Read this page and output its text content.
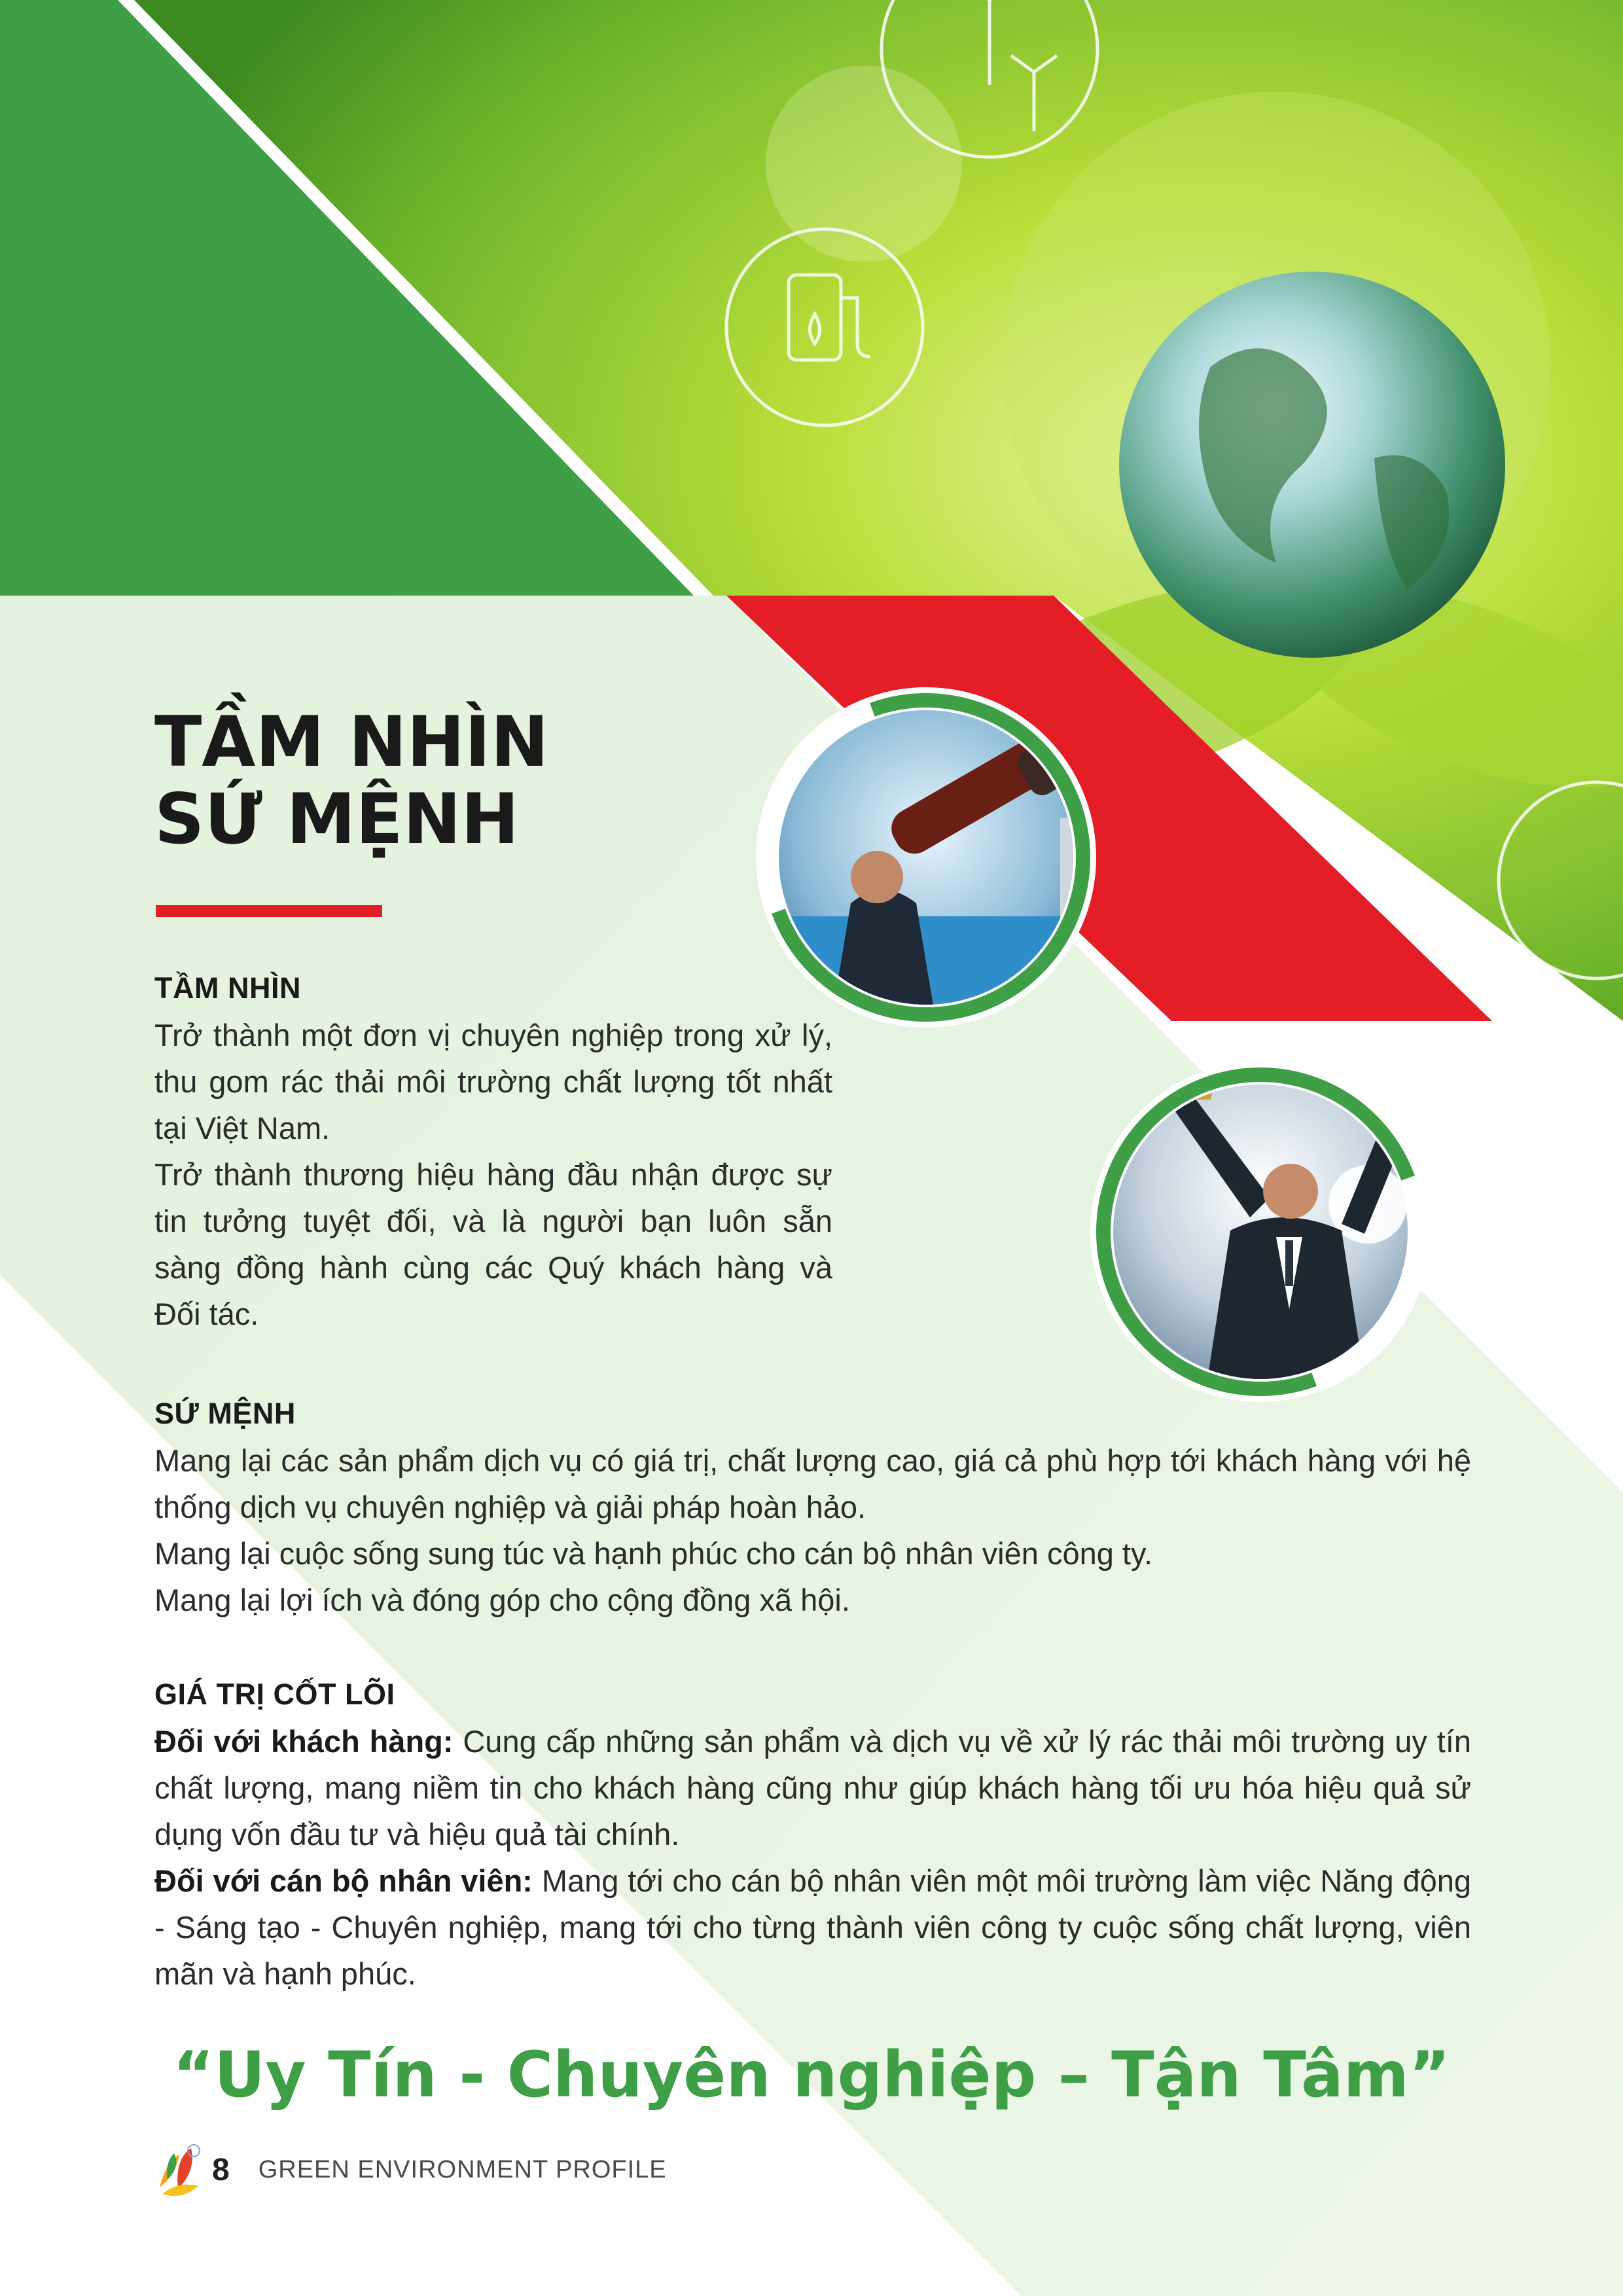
TẦM NHÌN
SỨ MỆNH
TẦM NHÌN

Trở thành một đơn vị chuyên nghiệp trong xử lý, thu gom rác thải môi trường chất lượng tốt nhất tại Việt Nam.

Trở thành thương hiệu hàng đầu nhận được sự tin tưởng tuyệt đối, và là người bạn luôn sẵn sàng đồng hành cùng các Quý khách hàng và Đối tác.

SỨ MỆNH

Mang lại các sản phẩm dịch vụ có giá trị, chất lượng cao, giá cả phù hợp tới khách hàng với hệ thống dịch vụ chuyên nghiệp và giải pháp hoàn hảo.

Mang lại cuộc sống sung túc và hạnh phúc cho cán bộ nhân viên công ty.

Mang lại lợi ích và đóng góp cho cộng đồng xã hội.

GIÁ TRỊ CỐT LÕI

Đối với khách hàng: Cung cấp những sản phẩm và dịch vụ về xử lý rác thải môi trường uy tín chất lượng, mang niềm tin cho khách hàng cũng như giúp khách hàng tối ưu hóa hiệu quả sử dụng vốn đầu tư và hiệu quả tài chính.

Đối với cán bộ nhân viên: Mang tới cho cán bộ nhân viên một môi trường làm việc Năng động - Sáng tạo - Chuyên nghiệp, mang tới cho từng thành viên công ty cuộc sống chất lượng, viên mãn và hạnh phúc.

“Uy Tín - Chuyên nghiệp – Tận Tâm”

8 GREEN ENVIRONMENT PROFILE
